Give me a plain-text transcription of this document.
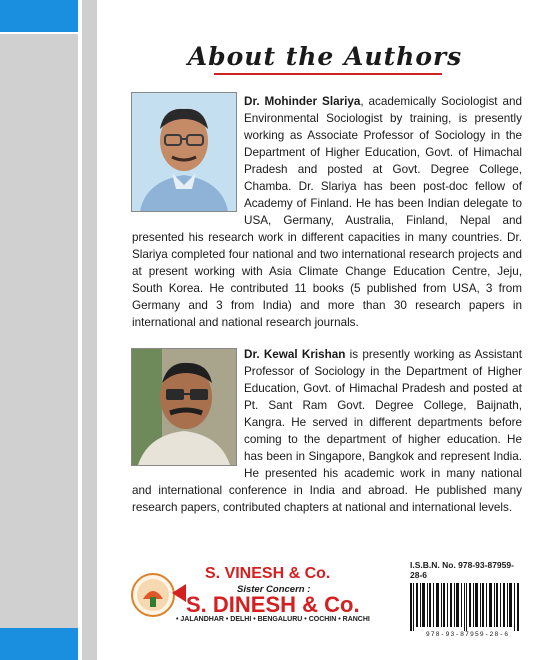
About the Authors
Dr. Mohinder Slariya, academically Sociologist and Environmental Sociologist by training, is presently working as Associate Professor of Sociology in the Department of Higher Education, Govt. of Himachal Pradesh and posted at Govt. Degree College, Chamba. Dr. Slariya has been post-doc fellow of Academy of Finland. He has been Indian delegate to USA, Germany, Australia, Finland, Nepal and presented his research work in different capacities in many countries. Dr. Slariya completed four national and two international research projects and at present working with Asia Climate Change Education Centre, Jeju, South Korea. He contributed 11 books (5 published from USA, 3 from Germany and 3 from India) and more than 30 research papers in international and national research journals.
Dr. Kewal Krishan is presently working as Assistant Professor of Sociology in the Department of Higher Education, Govt. of Himachal Pradesh and posted at Pt. Sant Ram Govt. Degree College, Baijnath, Kangra. He served in different departments before coming to the department of higher education. He has been in Singapore, Bangkok and represent India. He presented his academic work in many national and international conference in India and abroad. He published many research papers, contributed chapters at national and international levels.
S. VINESH & Co.
Sister Concern :
S. DINESH & Co.
• JALANDHAR • DELHI • BENGALURU • COCHIN • RANCHI
I.S.B.N. No. 978-93-87959-28-6
978-93-87959-28-6
